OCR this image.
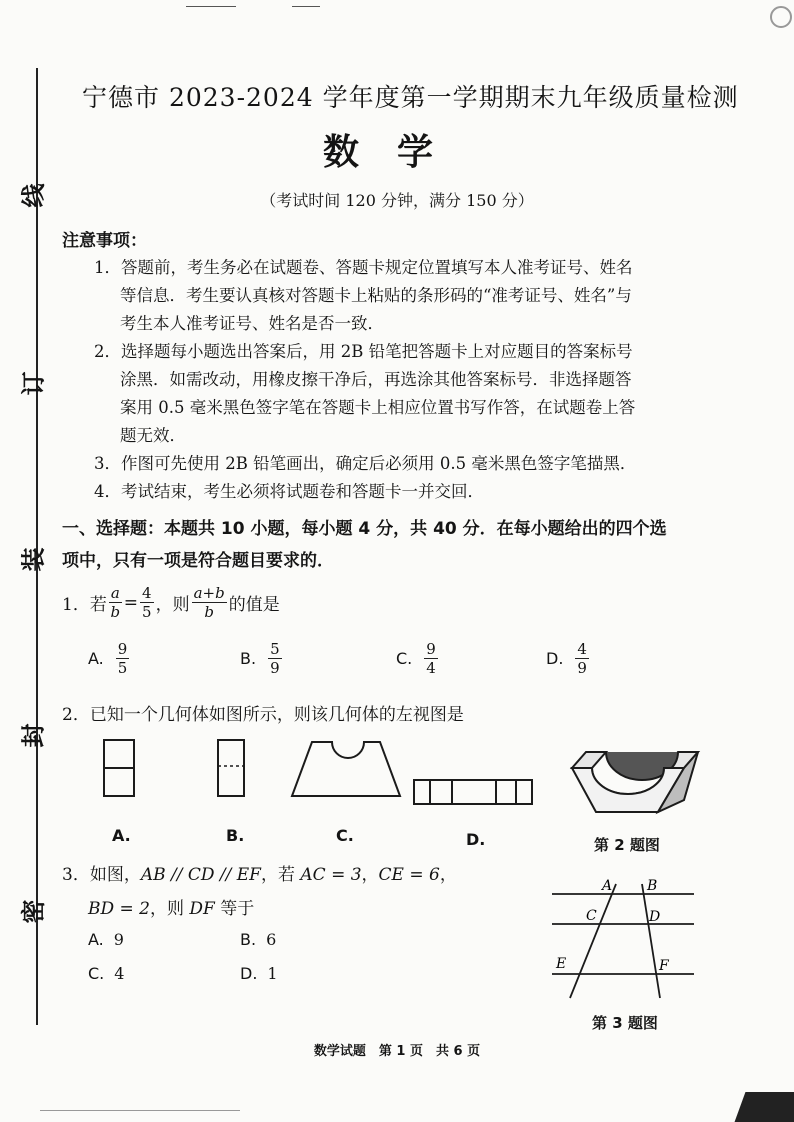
线
订
装
封
密
宁德市 2023-2024 学年度第一学期期末九年级质量检测
数学
（考试时间 120 分钟，满分 150 分）
注意事项：
1．答题前，考生务必在试题卷、答题卡规定位置填写本人准考证号、姓名
等信息．考生要认真核对答题卡上粘贴的条形码的“准考证号、姓名”与
考生本人准考证号、姓名是否一致．
2．选择题每小题选出答案后，用 2B 铅笔把答题卡上对应题目的答案标号
涂黑．如需改动，用橡皮擦干净后，再选涂其他答案标号．非选择题答
案用 0.5 毫米黑色签字笔在答题卡上相应位置书写作答，在试题卷上答
题无效．
3．作图可先使用 2B 铅笔画出，确定后必须用 0.5 毫米黑色签字笔描黑．
4．考试结束，考生必须将试题卷和答题卡一并交回．
一、选择题：本题共 10 小题，每小题 4 分，共 40 分．在每小题给出的四个选
项中，只有一项是符合题目要求的．
1． 若 $\frac{a}{b} = \frac{4}{5}$ ，则 $\frac{a+b}{b}$ 的值是
A. $\frac{9}{5}$	B. $\frac{5}{9}$	C. $\frac{9}{4}$	D. $\frac{4}{9}$
2．已知一个几何体如图所示，则该几何体的左视图是
A.	B.	C.	D.	第 2 题图
3．如图，AB // CD // EF，若 AC = 3，CE = 6，
BD = 2，则 DF 等于
A. 9	B. 6
C. 4	D. 1
A B
C	D
E	F
第 3 题图
数学试题　第 1 页　共 6 页
